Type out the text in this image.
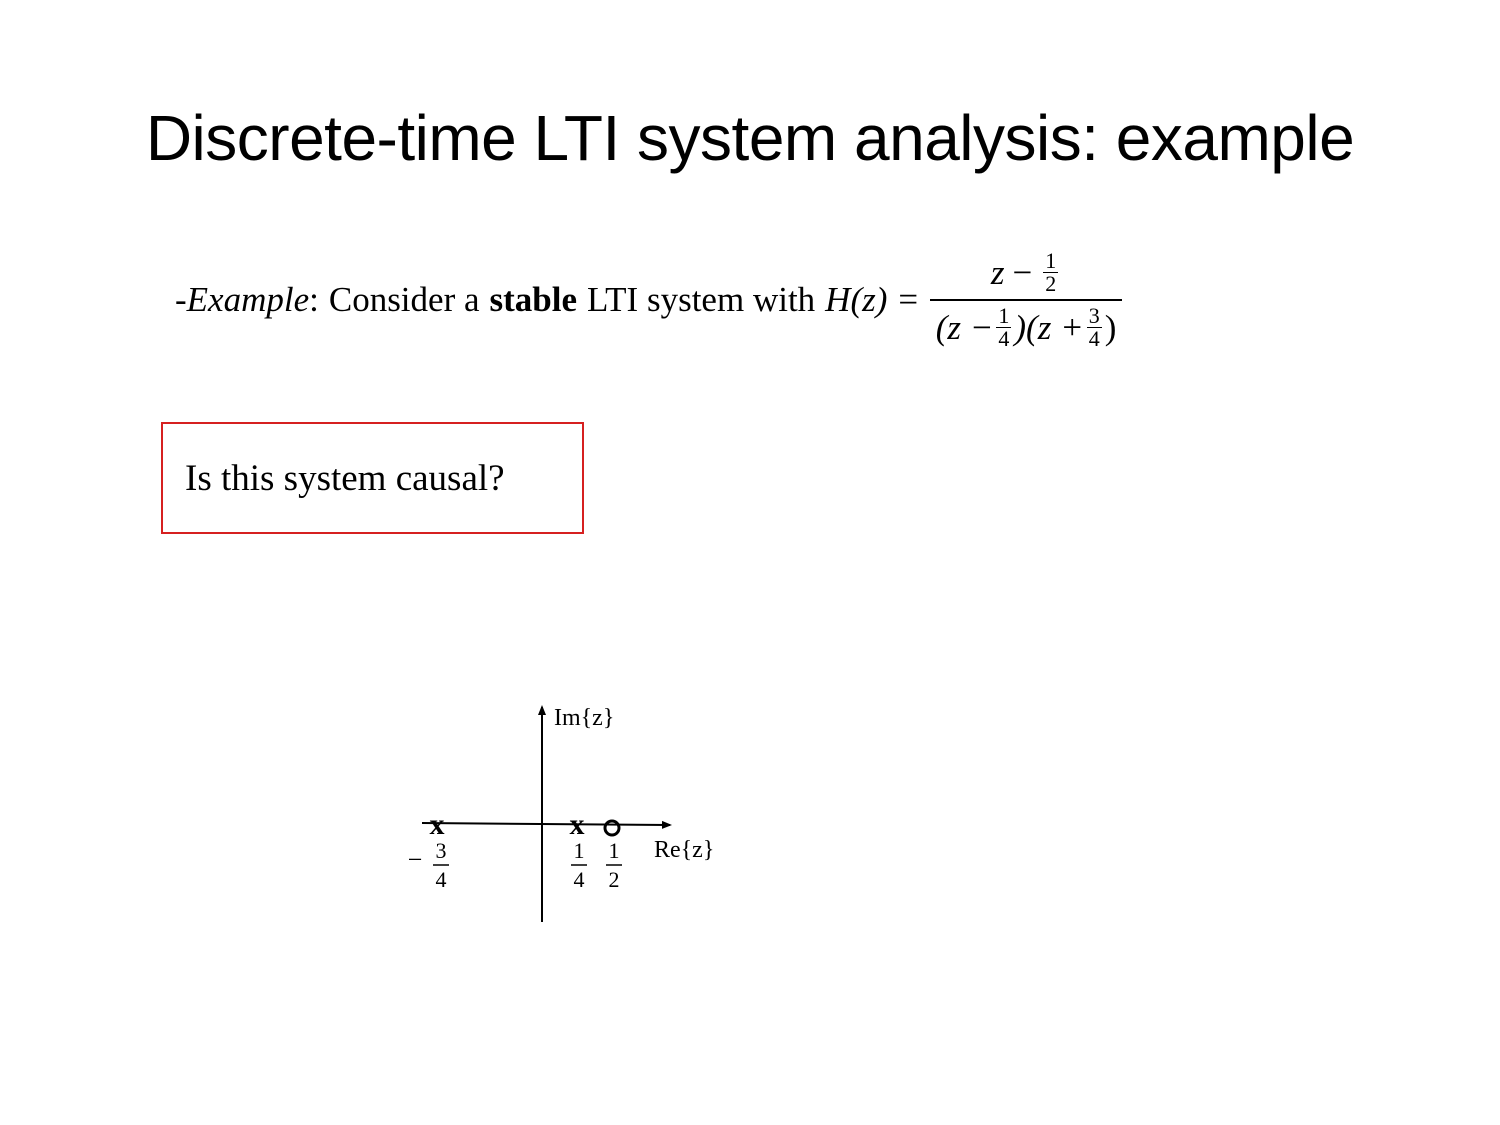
Discrete-time LTI system analysis: example
- Example : Consider a stable LTI system with H(z) =
$z - \frac{1}{2}$
$(z - \frac{1}{4} )(z + \frac{3}{4}$ )
Is this system causal?
Im{z}
Re{z}
x
− 3
4
x
1
4
1
2
